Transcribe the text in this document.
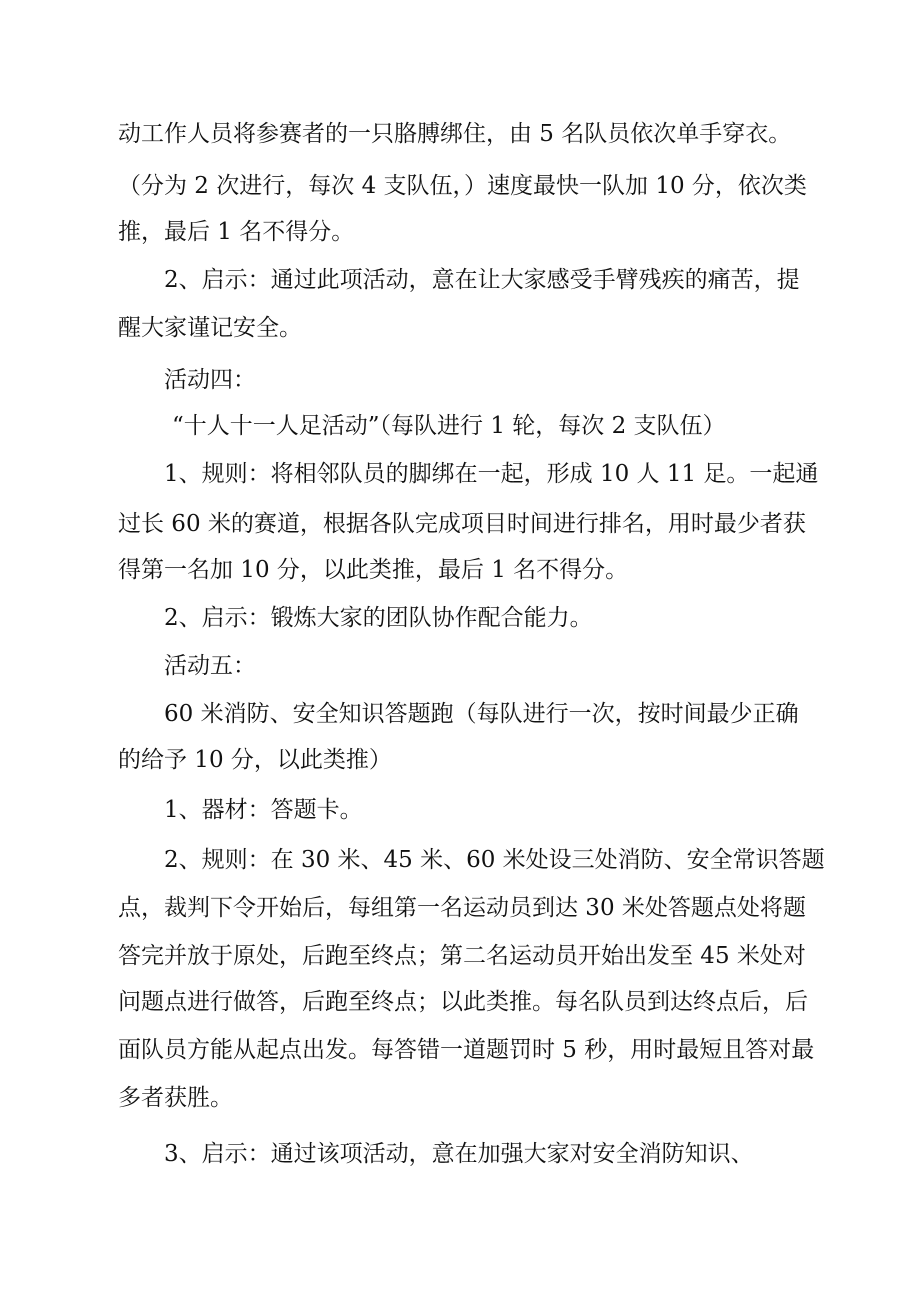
动工作人员将参赛者的一只胳膊绑住，由 5 名队员依次单手穿衣。
（分为 2 次进行，每次 4 支队伍，）速度最快一队加 10 分，依次类
推，最后 1 名不得分。
2、启示：通过此项活动，意在让大家感受手臂残疾的痛苦，提
醒大家谨记安全。
活动四：
“十人十一人足活动”（每队进行 1 轮，每次 2 支队伍）
1、规则：将相邻队员的脚绑在一起，形成 10 人 11 足。一起通
过长 60 米的赛道，根据各队完成项目时间进行排名，用时最少者获
得第一名加 10 分，以此类推，最后 1 名不得分。
2、启示：锻炼大家的团队协作配合能力。
活动五：
60 米消防、安全知识答题跑（每队进行一次，按时间最少正确
的给予 10 分，以此类推）
1、器材：答题卡。
2、规则：在 30 米、45 米、60 米处设三处消防、安全常识答题
点，裁判下令开始后，每组第一名运动员到达 30 米处答题点处将题
答完并放于原处，后跑至终点；第二名运动员开始出发至 45 米处对
问题点进行做答，后跑至终点；以此类推。每名队员到达终点后，后
面队员方能从起点出发。每答错一道题罚时 5 秒，用时最短且答对最
多者获胜。
3、启示：通过该项活动，意在加强大家对安全消防知识、
